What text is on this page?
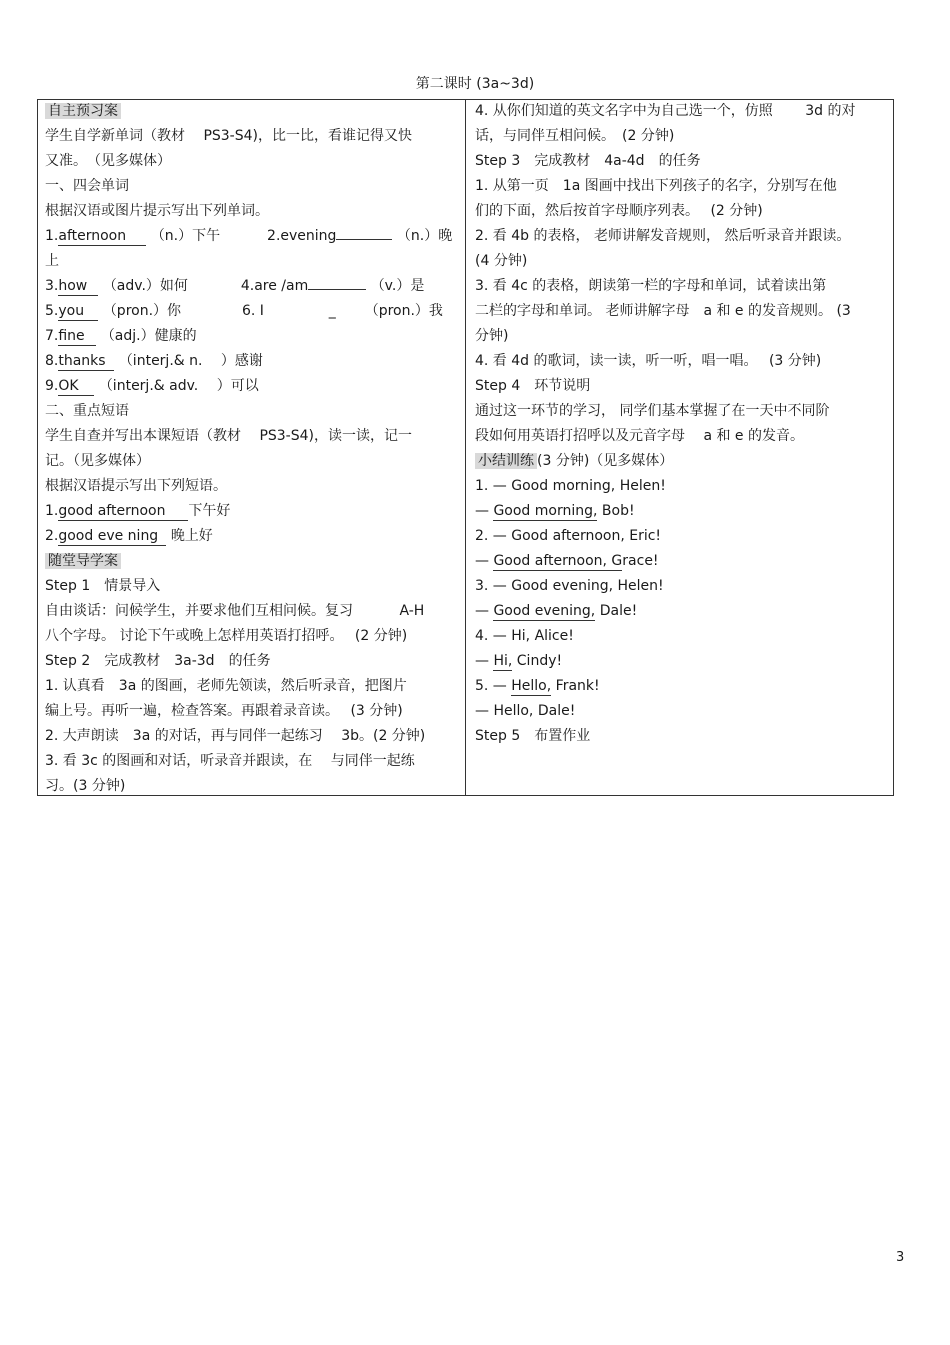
第二课时 (3a~3d)
自主预习案
学生自学新单词（教材　 PS3-S4)，比一比，看谁记得又快
又准。　（见多媒体）
一、四会单词
根据汉语或图片提示写出下列单词。
1.afternoon （n.）下午	2.evening	（n.）晚
上
3.how （adv.）如何	4.are /am	（v.）是
5.you （pron.）你	6. I	_ （pron.）我
7.fine （adj.）健康的
8.thanks （interj.& n.　 ）感谢
9.OK （interj.& adv.　 ）可以
二、重点短语
学生自查并写出本课短语（教材　 PS3-S4)，读一读，记一
记。（见多媒体）
根据汉语提示写出下列短语。
1.good afternoon 下午好
2.good eve ning 晚上好
随堂导学案
Step 1　情景导入
自由谈话：问候学生，并要求他们互相问候。复习　　　 A-H
八个字母。 讨论下午或晚上怎样用英语打招呼。　 (2 分钟)
Step 2　完成教材　3a-3d　的任务
1. 认真看　3a 的图画，老师先领读，然后听录音，把图片
编上号。再听一遍，检查答案。再跟着录音读。　 (3 分钟)
2. 大声朗读　3a 的对话，再与同伴一起练习　 3b。(2 分钟)
3. 看 3c 的图画和对话，听录音并跟读，在　 与同伴一起练
习。(3 分钟)
4. 从你们知道的英文名字中为自己选一个，仿照　　 3d 的对
话，与同伴互相问候。　(2 分钟)
Step 3　完成教材　4a-4d　的任务
1. 从第一页　1a 图画中找出下列孩子的名字，分别写在他
们的下面，然后按首字母顺序列表。　 (2 分钟)
2. 看 4b 的表格， 老师讲解发音规则， 然后听录音并跟读。
(4 分钟)
3. 看 4c 的表格，朗读第一栏的字母和单词，试着读出第
二栏的字母和单词。 老师讲解字母　a 和 e 的发音规则。 (3
分钟)
4. 看 4d 的歌词，读一读，听一听，唱一唱。　 (3 分钟)
Step 4　环节说明
通过这一环节的学习， 同学们基本掌握了在一天中不同阶
段如何用英语打招呼以及元音字母　 a 和 e 的发音。
小结训练 (3 分钟)（见多媒体）
1. — Good morning, Helen!
— Good morning, Bob!
2. — Good afternoon, Eric!
— Good afternoon, Grace!
3. — Good evening, Helen!
— Good evening, Dale!
4. — Hi, Alice!
— Hi, Cindy!
5. — Hello, Frank!
— Hello, Dale!
Step 5　布置作业
3
